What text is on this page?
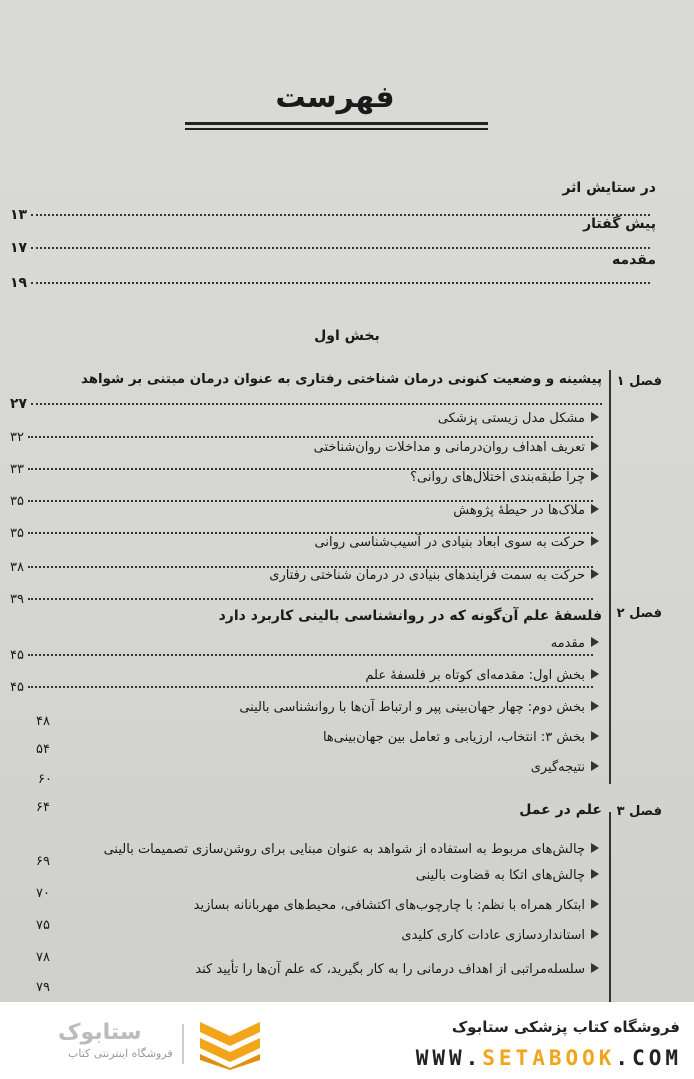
فهرست
در ستایش اثر
۱۳
پیش گفتار
۱۷
مقدمه
۱۹
بخش اول
فصل ۱
پیشینه و وضعیت کنونی درمان شناختی رفتاری به عنوان درمان مبتنی بر شواهد
۲۷
مشکل مدل زیستی پزشکی
۳۲
تعریف اهداف روان‌درمانی و مداخلات روان‌شناختی
۳۳
چرا طبقه‌بندی اختلال‌های روانی؟
۳۵
ملاک‌ها در حیطهٔ پژوهش
۳۵
حرکت به سوی ابعاد بنیادی در آسیب‌شناسی روانی
۳۸
حرکت به سمت فرایندهای بنیادی در درمان شناختی رفتاری
۳۹
فصل ۲
فلسفهٔ علم آن‌گونه که در روانشناسی بالینی کاربرد دارد
مقدمه
۴۵
بخش اول: مقدمه‌ای کوتاه بر فلسفهٔ علم
۴۵
بخش دوم: چهار جهان‌بینی پپر و ارتباط آن‌ها با روانشناسی بالینی
۴۸
بخش ۳: انتخاب، ارزیابی و تعامل بین جهان‌بینی‌ها
۵۴
نتیجه‌گیری
۶۰
فصل ۳
علم در عمل
۶۴
چالش‌های مربوط به استفاده از شواهد به عنوان مبنایی برای روشن‌سازی تصمیمات بالینی
۶۹
چالش‌های اتکا به قضاوت بالینی
۷۰
ابتکار همراه با نظم: با چارچوب‌های اکتشافی، محیط‌های مهربانانه بسازید
۷۵
استانداردسازی عادات کاری کلیدی
۷۸
سلسله‌مراتبی از اهداف درمانی را به کار بگیرید، که علم آن‌ها را تأیید کند
۷۹
ستابوک
فروشگاه اینترنتی کتاب
فروشگاه کتاب پزشکی ستابوک
WWW.SETABOOK.COM
